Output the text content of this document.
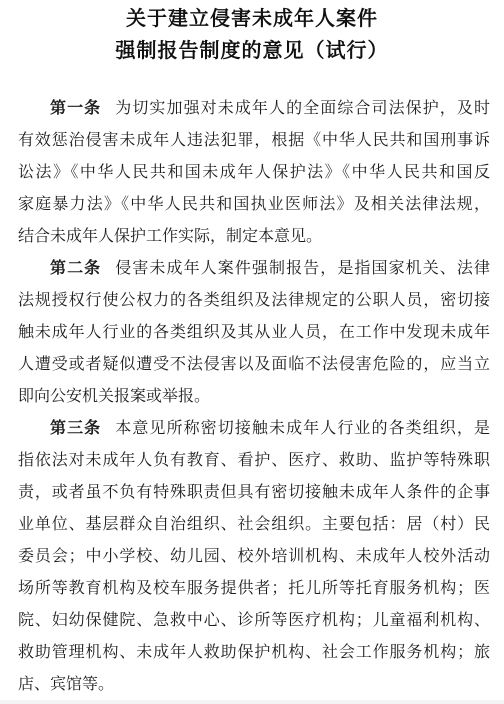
关于建立侵害未成年人案件
强制报告制度的意见（试行）
第一条 为切实加强对未成年人的全面综合司法保护，及时
有效惩治侵害未成年人违法犯罪，根据《中华人民共和国刑事诉
讼法》《中华人民共和国未成年人保护法》《中华人民共和国反
家庭暴力法》《中华人民共和国执业医师法》及相关法律法规，
结合未成年人保护工作实际，制定本意见。
第二条 侵害未成年人案件强制报告，是指国家机关、法律
法规授权行使公权力的各类组织及法律规定的公职人员，密切接
触未成年人行业的各类组织及其从业人员，在工作中发现未成年
人遭受或者疑似遭受不法侵害以及面临不法侵害危险的，应当立
即向公安机关报案或举报。
第三条 本意见所称密切接触未成年人行业的各类组织，是
指依法对未成年人负有教育、看护、医疗、救助、监护等特殊职
责，或者虽不负有特殊职责但具有密切接触未成年人条件的企事
业单位、基层群众自治组织、社会组织。主要包括：居（村）民
委员会；中小学校、幼儿园、校外培训机构、未成年人校外活动
场所等教育机构及校车服务提供者；托儿所等托育服务机构；医
院、妇幼保健院、急救中心、诊所等医疗机构；儿童福利机构、
救助管理机构、未成年人救助保护机构、社会工作服务机构；旅
店、宾馆等。
